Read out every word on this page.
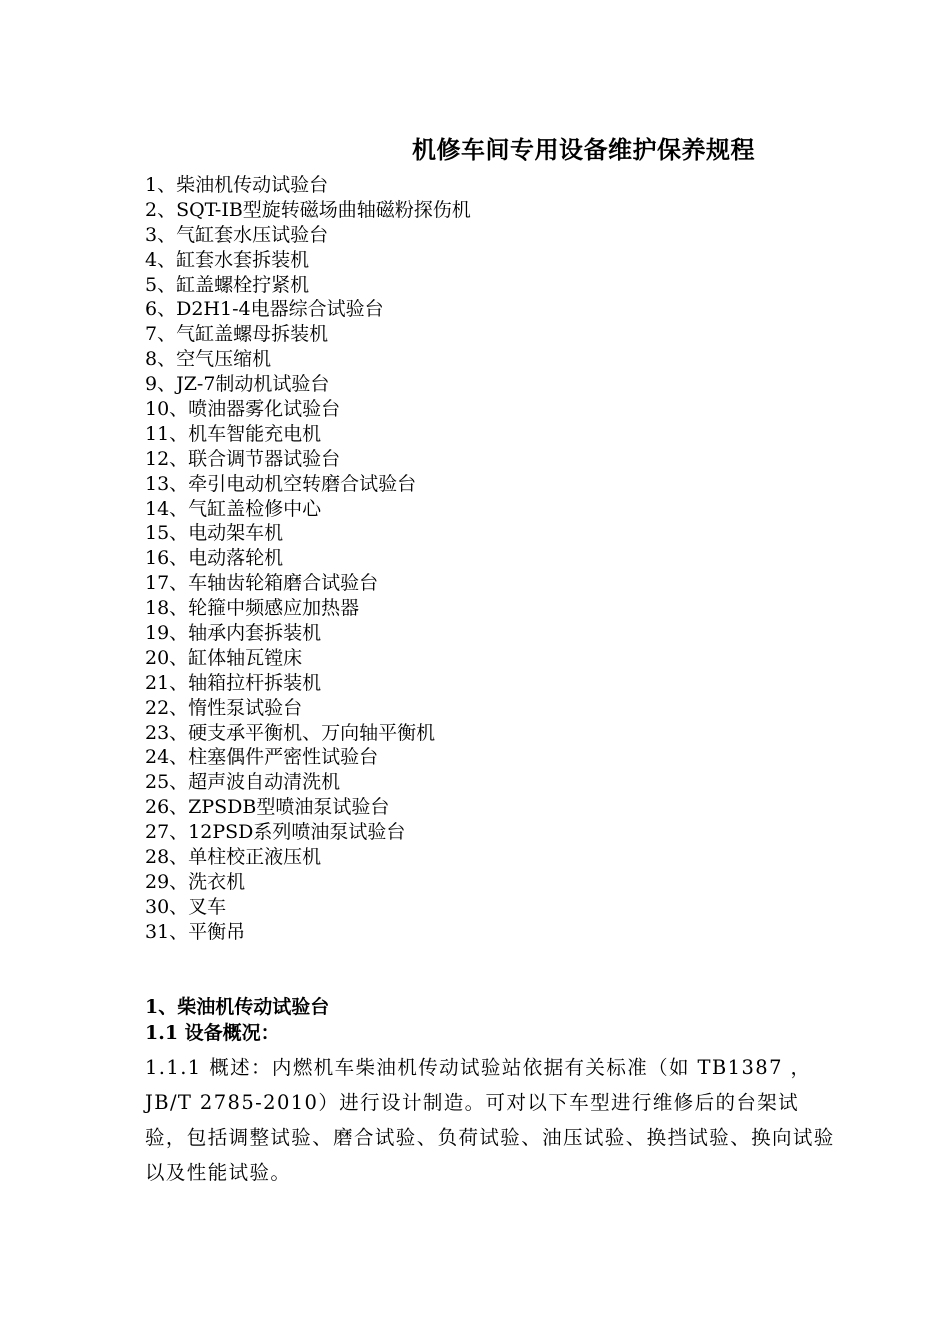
机修车间专用设备维护保养规程
1、柴油机传动试验台
2、SQT-IB型旋转磁场曲轴磁粉探伤机
3、气缸套水压试验台
4、缸套水套拆装机
5、缸盖螺栓拧紧机
6、D2H1-4电器综合试验台
7、气缸盖螺母拆装机
8、空气压缩机
9、JZ-7制动机试验台
10、喷油器雾化试验台
11、机车智能充电机
12、联合调节器试验台
13、牵引电动机空转磨合试验台
14、气缸盖检修中心
15、电动架车机
16、电动落轮机
17、车轴齿轮箱磨合试验台
18、轮箍中频感应加热器
19、轴承内套拆装机
20、缸体轴瓦镗床
21、轴箱拉杆拆装机
22、惰性泵试验台
23、硬支承平衡机、万向轴平衡机
24、柱塞偶件严密性试验台
25、超声波自动清洗机
26、ZPSDB型喷油泵试验台
27、12PSD系列喷油泵试验台
28、单柱校正液压机
29、洗衣机
30、叉车
31、平衡吊
1、柴油机传动试验台
1.1 设备概况：

1.1.1 概述：内燃机车柴油机传动试验站依据有关标准（如 TB1387 ，JB/T 2785-2010）进行设计制造。可对以下车型进行维修后的台架试验，包括调整试验、磨合试验、负荷试验、油压试验、换挡试验、换向试验以及性能试验。
